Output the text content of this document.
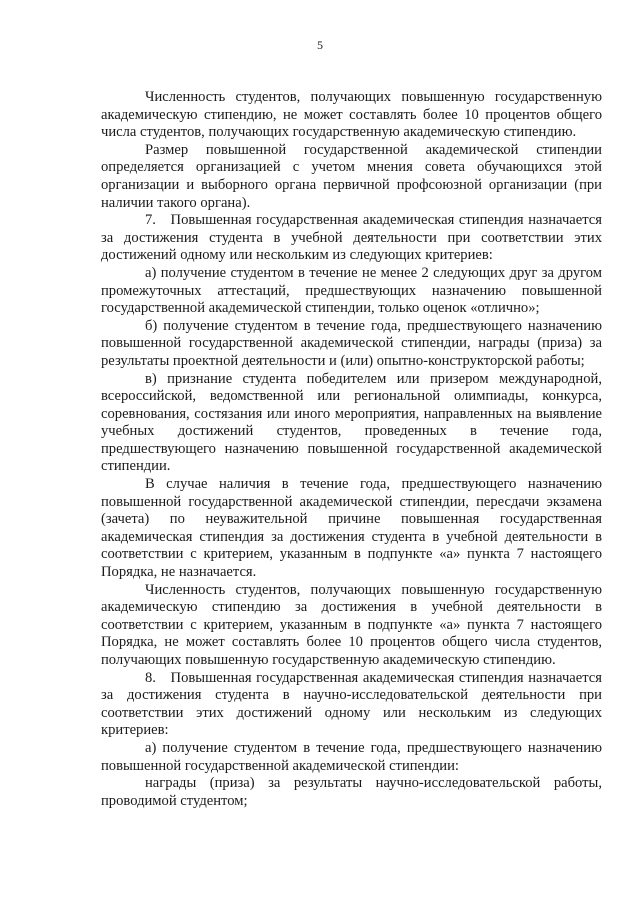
5

Численность студентов, получающих повышенную государственную академическую стипендию, не может составлять более 10 процентов общего числа студентов, получающих государственную академическую стипендию.

Размер повышенной государственной академической стипендии определяется организацией с учетом мнения совета обучающихся этой организации и выборного органа первичной профсоюзной организации (при наличии такого органа).

7. Повышенная государственная академическая стипендия назначается за достижения студента в учебной деятельности при соответствии этих достижений одному или нескольким из следующих критериев:

а) получение студентом в течение не менее 2 следующих друг за другом промежуточных аттестаций, предшествующих назначению повышенной государственной академической стипендии, только оценок «отлично»;

б) получение студентом в течение года, предшествующего назначению повышенной государственной академической стипендии, награды (приза) за результаты проектной деятельности и (или) опытно-конструкторской работы;

в) признание студента победителем или призером международной, всероссийской, ведомственной или региональной олимпиады, конкурса, соревнования, состязания или иного мероприятия, направленных на выявление учебных достижений студентов, проведенных в течение года, предшествующего назначению повышенной государственной академической стипендии.

В случае наличия в течение года, предшествующего назначению повышенной государственной академической стипендии, пересдачи экзамена (зачета) по неуважительной причине повышенная государственная академическая стипендия за достижения студента в учебной деятельности в соответствии с критерием, указанным в подпункте «а» пункта 7 настоящего Порядка, не назначается.

Численность студентов, получающих повышенную государственную академическую стипендию за достижения в учебной деятельности в соответствии с критерием, указанным в подпункте «а» пункта 7 настоящего Порядка, не может составлять более 10 процентов общего числа студентов, получающих повышенную государственную академическую стипендию.

8. Повышенная государственная академическая стипендия назначается за достижения студента в научно-исследовательской деятельности при соответствии этих достижений одному или нескольким из следующих критериев:

а) получение студентом в течение года, предшествующего назначению повышенной государственной академической стипендии:

награды (приза) за результаты научно-исследовательской работы, проводимой студентом;
